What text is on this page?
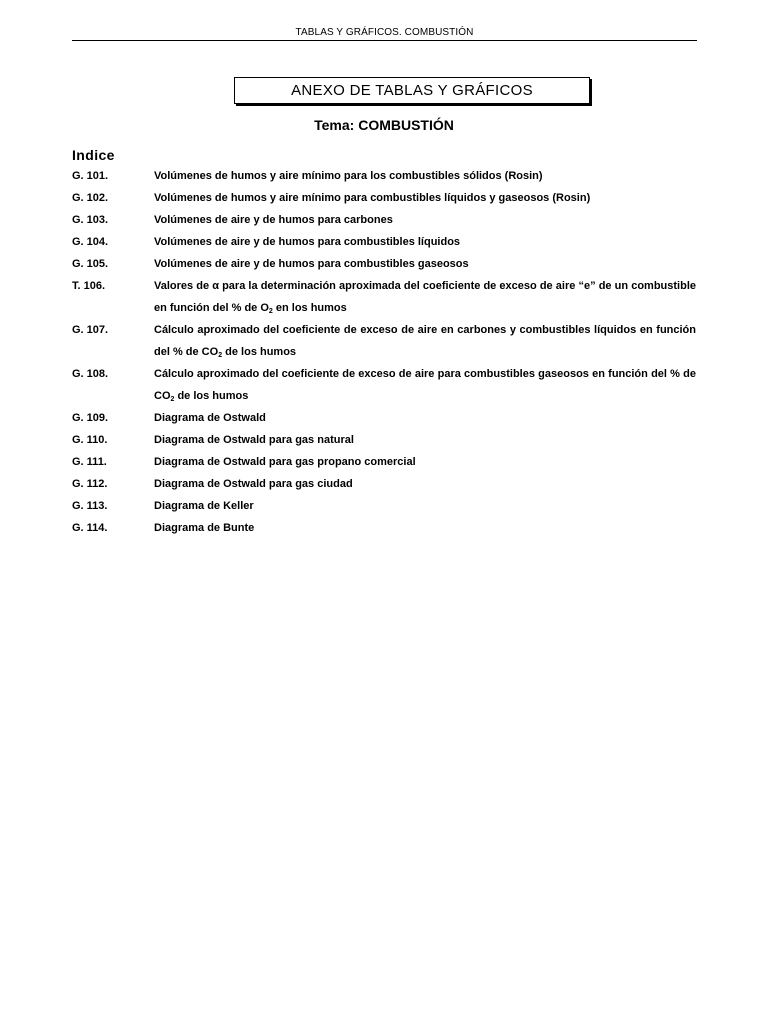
TABLAS Y GRÁFICOS. COMBUSTIÓN
ANEXO DE TABLAS Y GRÁFICOS
Tema: COMBUSTIÓN
Indice
G. 101.	Volúmenes de humos y aire mínimo para los combustibles sólidos (Rosin)
G. 102.	Volúmenes de humos y aire mínimo para combustibles líquidos y gaseosos (Rosin)
G. 103.	Volúmenes de aire y de humos para carbones
G. 104.	Volúmenes de aire y de humos para combustibles líquidos
G. 105.	Volúmenes de aire y de humos para combustibles gaseosos
T. 106.	Valores de α para la determinación aproximada del coeficiente de exceso de aire “e” de un combustible en función del % de $O_2$ en los humos
G. 107.	Cálculo aproximado del coeficiente de exceso de aire en carbones y combustibles líquidos en función del % de $CO_2$ de los humos
G. 108.	Cálculo aproximado del coeficiente de exceso de aire para combustibles gaseosos en función del % de $CO_2$ de los humos
G. 109.	Diagrama de Ostwald
G. 110.	Diagrama de Ostwald para gas natural
G. 111.	Diagrama de Ostwald para gas propano comercial
G. 112.	Diagrama de Ostwald para gas ciudad
G. 113.	Diagrama de Keller
G. 114.	Diagrama de Bunte
